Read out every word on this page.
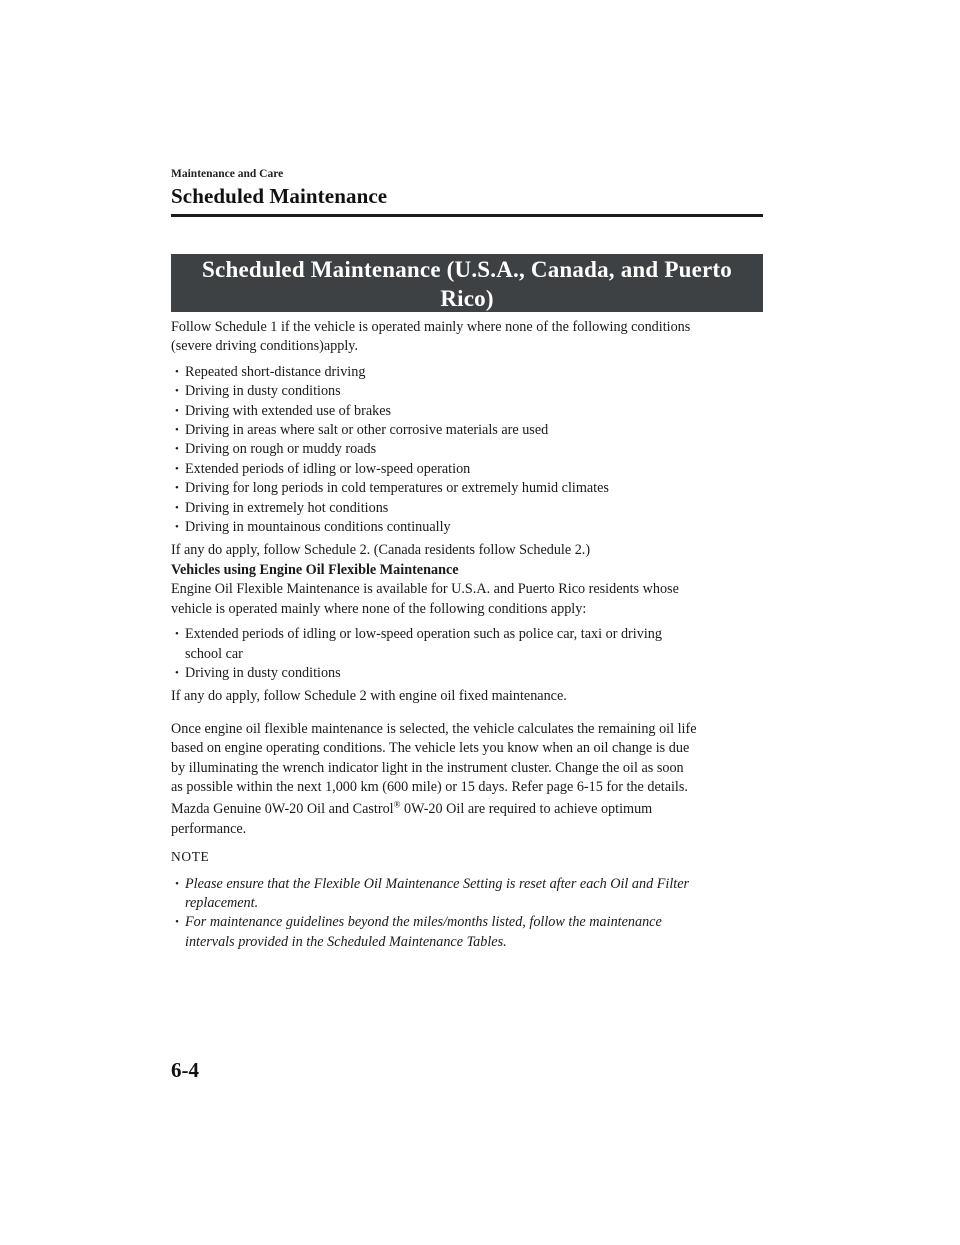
Maintenance and Care
Scheduled Maintenance
Scheduled Maintenance (U.S.A., Canada, and Puerto
Rico)

Follow Schedule 1 if the vehicle is operated mainly where none of the following conditions
(severe driving conditions)apply.

• Repeated short-distance driving
• Driving in dusty conditions
• Driving with extended use of brakes
• Driving in areas where salt or other corrosive materials are used
• Driving on rough or muddy roads
• Extended periods of idling or low-speed operation
• Driving for long periods in cold temperatures or extremely humid climates
• Driving in extremely hot conditions
• Driving in mountainous conditions continually

If any do apply, follow Schedule 2. (Canada residents follow Schedule 2.)

Vehicles using Engine Oil Flexible Maintenance

Engine Oil Flexible Maintenance is available for U.S.A. and Puerto Rico residents whose
vehicle is operated mainly where none of the following conditions apply:

• Extended periods of idling or low-speed operation such as police car, taxi or driving
school car
• Driving in dusty conditions

If any do apply, follow Schedule 2 with engine oil fixed maintenance.

Once engine oil flexible maintenance is selected, the vehicle calculates the remaining oil life
based on engine operating conditions. The vehicle lets you know when an oil change is due
by illuminating the wrench indicator light in the instrument cluster. Change the oil as soon
as possible within the next 1,000 km (600 mile) or 15 days. Refer page 6-15 for the details.

Mazda Genuine 0W-20 Oil and Castrol® 0W-20 Oil are required to achieve optimum
performance.

NOTE

• Please ensure that the Flexible Oil Maintenance Setting is reset after each Oil and Filter
replacement.
• For maintenance guidelines beyond the miles/months listed, follow the maintenance
intervals provided in the Scheduled Maintenance Tables.
6-4
